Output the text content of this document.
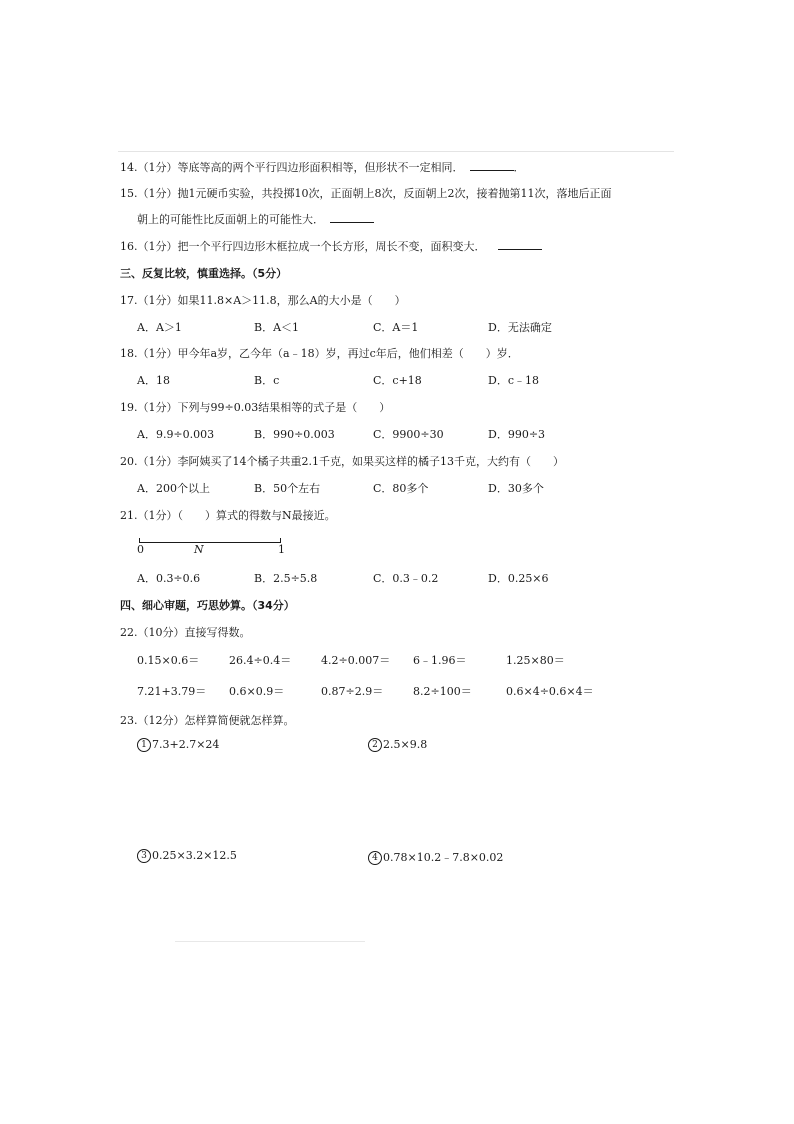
14.（1分）等底等高的两个平行四边形面积相等，但形状不一定相同．	．
15.（1分）抛1元硬币实验，共投掷10次，正面朝上8次，反面朝上2次，接着抛第11次，落地后正面
朝上的可能性比反面朝上的可能性大．
16.（1分）把一个平行四边形木框拉成一个长方形，周长不变，面积变大．
三、反复比较，慎重选择。（5分）
17.（1分）如果11.8×A＞11.8，那么A的大小是（　　）
A．A＞1	B．A＜1	C．A＝1	D．无法确定
18.（1分）甲今年a岁，乙今年（a﹣18）岁，再过c年后，他们相差（　　）岁．
A．18	B．c	C．c+18	D．c﹣18
19.（1分）下列与99÷0.03结果相等的式子是（　　）
A．9.9÷0.003	B．990÷0.003	C．9900÷30	D．990÷3
20.（1分）李阿姨买了14个橘子共重2.1千克，如果买这样的橘子13千克，大约有（　　）
A．200个以上	B．50个左右	C．80多个	D．30多个
21.（1分）（　　）算式的得数与N最接近。
0	N	1
A．0.3÷0.6	B．2.5÷5.8	C．0.3﹣0.2	D．0.25×6
四、细心审题，巧思妙算。（34分）
22.（10分）直接写得数。
0.15×0.6＝	26.4÷0.4＝	4.2÷0.007＝ 6﹣1.96＝	1.25×80＝
7.21+3.79＝ 0.6×0.9＝	0.87÷2.9＝	8.2÷100＝	0.6×4÷0.6×4＝
23.（12分）怎样算简便就怎样算。
1 7.3+2.7×24	2 2.5×9.8
3 0.25×3.2×12.5	4 0.78×10.2﹣7.8×0.02
